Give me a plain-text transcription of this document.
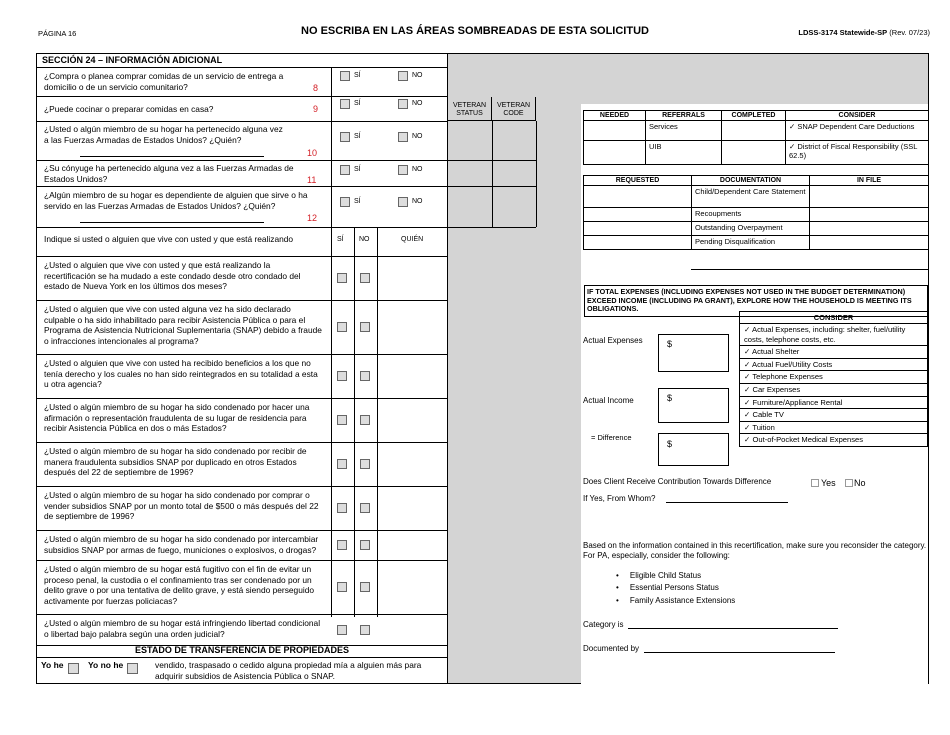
PÁGINA 16	NO ESCRIBA EN LAS ÁREAS SOMBREADAS DE ESTA SOLICITUD	LDSS-3174 Statewide-SP (Rev. 07/23)
SECCIÓN 24 – INFORMACIÓN ADICIONAL
¿Compra o planea comprar comidas de un servicio de entrega a domicilio o de un servicio comunitario?	8
SÍ	NO
¿Puede cocinar o preparar comidas en casa?	9
SÍ	NO
¿Usted o algún miembro de su hogar ha pertenecido alguna vez a las Fuerzas Armadas de Estados Unidos? ¿Quién?
10
SÍ	NO
¿Su cónyuge ha pertenecido alguna vez a las Fuerzas Armadas de Estados Unidos?	11
SÍ	NO
¿Algún miembro de su hogar es dependiente de alguien que sirve o ha servido en las Fuerzas Armadas de Estados Unidos? ¿Quién?
12
SÍ	NO
VETERAN STATUS
VETERAN CODE
Indique si usted o alguien que vive con usted y que está realizando	SÍ NO	QUIÉN
¿Usted o alguien que vive con usted y que está realizando la recertificación se ha mudado a este condado desde otro condado del estado de Nueva York en los últimos dos meses?
¿Usted o alguien que vive con usted alguna vez ha sido declarado culpable o ha sido inhabilitado para recibir Asistencia Pública o para el Programa de Asistencia Nutricional Suplementaria (SNAP) debido a fraude o infracciones intencionales al programa?
¿Usted o alguien que vive con usted ha recibido beneficios a los que no tenía derecho y los cuales no han sido reintegrados en su totalidad a esta u otra agencia?
¿Usted o algún miembro de su hogar ha sido condenado por hacer una afirmación o representación fraudulenta de su lugar de residencia para recibir Asistencia Pública en dos o más Estados?
¿Usted o algún miembro de su hogar ha sido condenado por recibir de manera fraudulenta subsidios SNAP por duplicado en otros Estados después del 22 de septiembre de 1996?
¿Usted o algún miembro de su hogar ha sido condenado por comprar o vender subsidios SNAP por un monto total de $500 o más después del 22 de septiembre de 1996?
¿Usted o algún miembro de su hogar ha sido condenado por intercambiar subsidios SNAP por armas de fuego, municiones o explosivos, o drogas?
¿Usted o algún miembro de su hogar está fugitivo con el fin de evitar un proceso penal, la custodia o el confinamiento tras ser condenado por un delito grave o por una tentativa de delito grave, y está siendo perseguido activamente por fuerzas policiacas?
¿Usted o algún miembro de su hogar está infringiendo libertad condicional o libertad bajo palabra según una orden judicial?
ESTADO DE TRANSFERENCIA DE PROPIEDADES
Yo he	Yo no he	vendido, traspasado o cedido alguna propiedad mía a alguien más para adquirir subsidios de Asistencia Pública o SNAP.
NEEDED	REFERRALS	COMPLETED	CONSIDER
	Services		✓ SNAP Dependent Care Deductions
	UIB		✓ District of Fiscal Responsibility (SSL 62.5)
REQUESTED	DOCUMENTATION	IN FILE
	Child/Dependent Care Statement	
	Recoupments	
	Outstanding Overpayment	
	Pending Disqualification	
IF TOTAL EXPENSES (INCLUDING EXPENSES NOT USED IN THE BUDGET DETERMINATION) EXCEED INCOME (INCLUDING PA GRANT), EXPLORE HOW THE HOUSEHOLD IS MEETING ITS OBLIGATIONS.
CONSIDER
✓ Actual Expenses, including: shelter, fuel/utility costs, telephone costs, etc.
✓ Actual Shelter
✓ Actual Fuel/Utility Costs
✓ Telephone Expenses
✓ Car Expenses
✓ Furniture/Appliance Rental
✓ Cable TV
✓ Tuition
✓ Out-of-Pocket Medical Expenses
Actual Expenses	$
Actual Income	$
= Difference
$
Does Client Receive Contribution Towards Difference	Yes No
If Yes, From Whom?
Based on the information contained in this recertification, make sure you reconsider the category. For PA, especially, consider the following:
•     Eligible Child Status
•     Essential Persons Status
•     Family Assistance Extensions
Category is
Documented by
